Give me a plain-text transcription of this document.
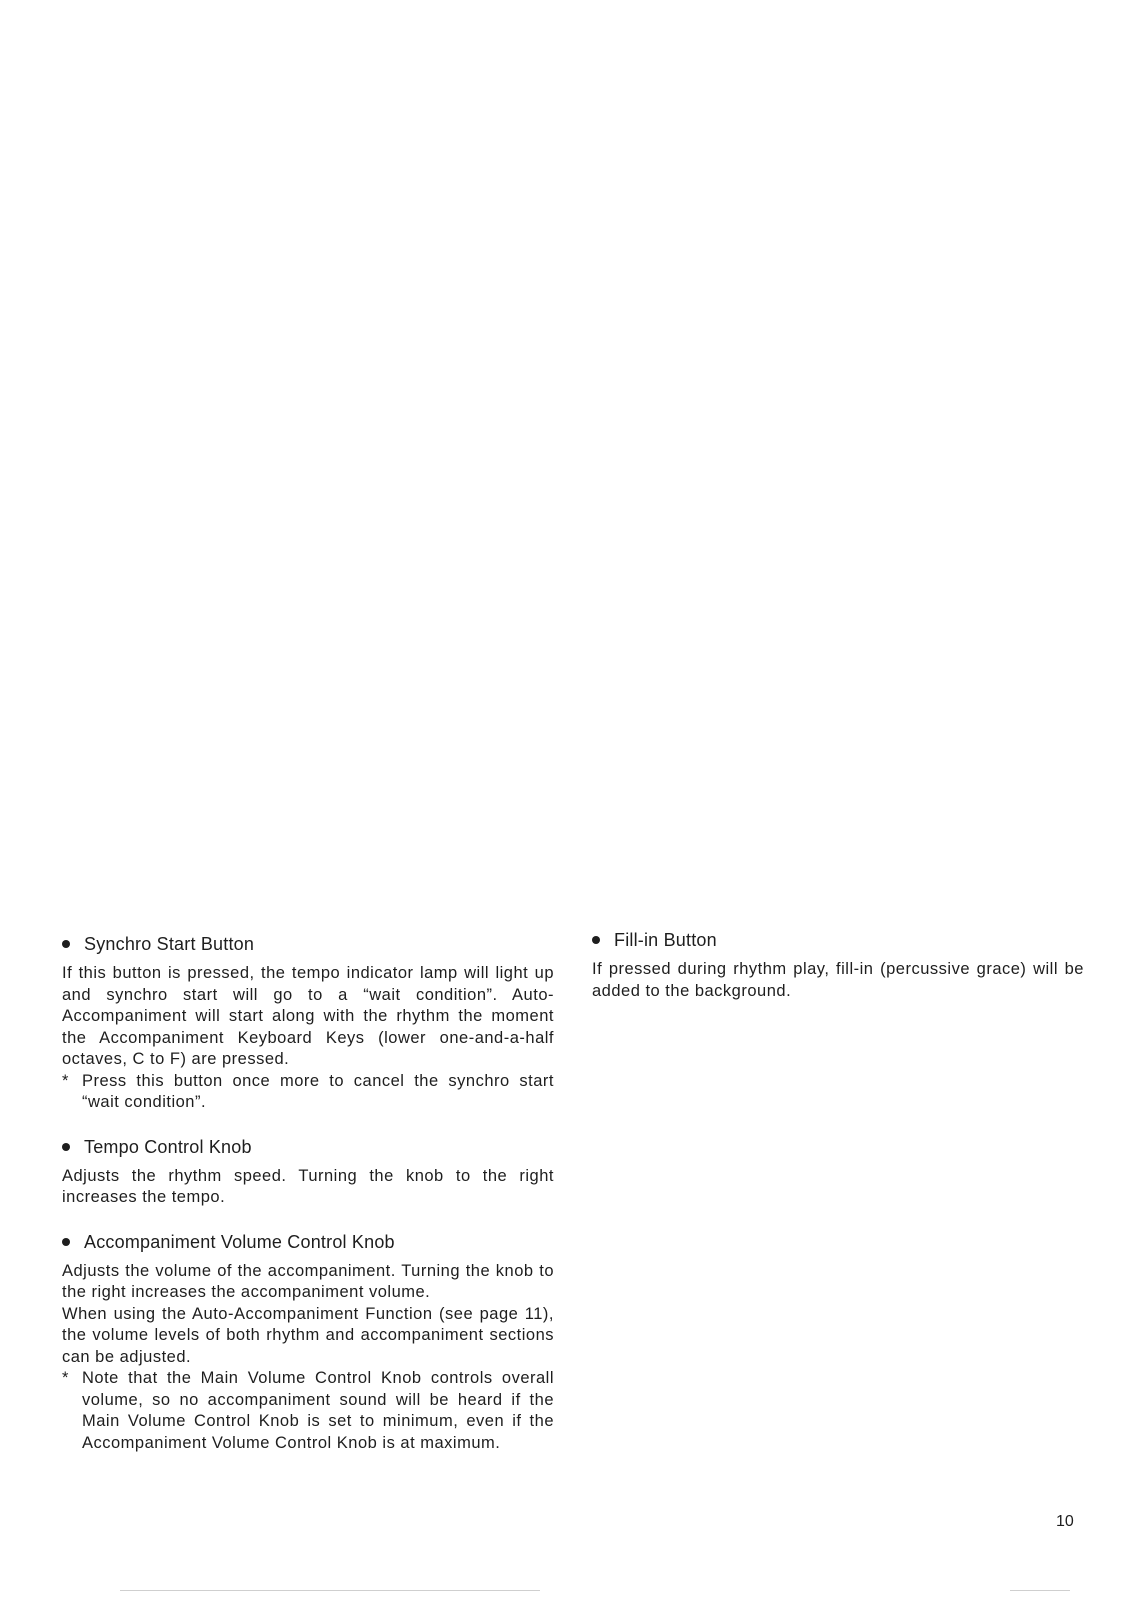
Synchro Start Button

If this button is pressed, the tempo indicator lamp will light up and synchro start will go to a “wait condition”. Auto-Accompaniment will start along with the rhythm the moment the Accompaniment Keyboard Keys (lower one-and-a-half octaves, C to F) are pressed.

* Press this button once more to cancel the synchro start “wait condition”.
Tempo Control Knob

Adjusts the rhythm speed. Turning the knob to the right increases the tempo.

Accompaniment Volume Control Knob

Adjusts the volume of the accompaniment. Turning the knob to the right increases the accompaniment volume.

When using the Auto-Accompaniment Function (see page 11), the volume levels of both rhythm and accompaniment sections can be adjusted.

* Note that the Main Volume Control Knob controls overall volume, so no accompaniment sound will be heard if the Main Volume Control Knob is set to minimum, even if the Accompaniment Volume Control Knob is at maximum.
Fill-in Button

If pressed during rhythm play, fill-in (percussive grace) will be added to the background.

10
